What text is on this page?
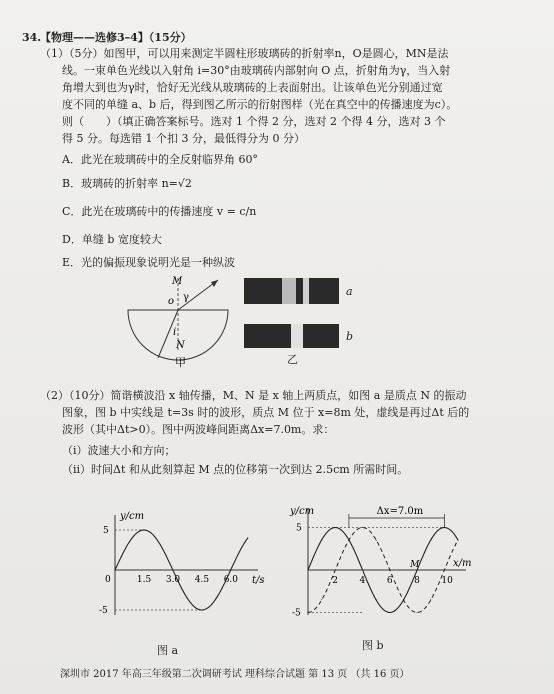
34.
【物理——选修3–4】（15分）
（1）（5分）如图甲，可以用来测定半圆柱形玻璃砖的折射率n，O是圆心，MN是法
线。一束单色光线以入射角 i=30°由玻璃砖内部射向 O 点，折射角为γ，当入射
角增大到也为γ时，恰好无光线从玻璃砖的上表面射出。让该单色光分别通过宽
度不同的单缝 a、b 后，得到图乙所示的衍射图样（光在真空中的传播速度为c）。
则（　　）（填正确答案标号。选对 1 个得 2 分，选对 2 个得 4 分，选对 3 个
得 5 分。每选错 1 个扣 3 分，最低得分为 0 分）
A．此光在玻璃砖中的全反射临界角 60°
B．玻璃砖的折射率 n=√2
C．此光在玻璃砖中的传播速度 v = c/n
D．单缝 b 宽度较大
E．光的偏振现象说明光是一种纵波
M
o γ
i
N
甲
a
b
乙
（2）（10分）简谐横波沿 x 轴传播，M、N 是 x 轴上两质点，如图 a 是质点 N 的振动
图象，图 b 中实线是 t=3s 时的波形，质点 M 位于 x=8m 处，虚线是再过Δt 后的
波形（其中Δt>0）。图中两波峰间距离Δx=7.0m。求：
（i）波速大小和方向；
（ii）时间Δt 和从此刻算起 M 点的位移第一次到达 2.5cm 所需时间。
y/cm
t/s
0	1.5 3.0 4.5 6.0
5
-5
y/cm
x/m
2 4 6 8 10
5
-5
Δx=7.0m
M
图 a	图 b
深圳市 2017 年高三年级第二次调研考试 理科综合试题 第 13 页 （共 16 页）
